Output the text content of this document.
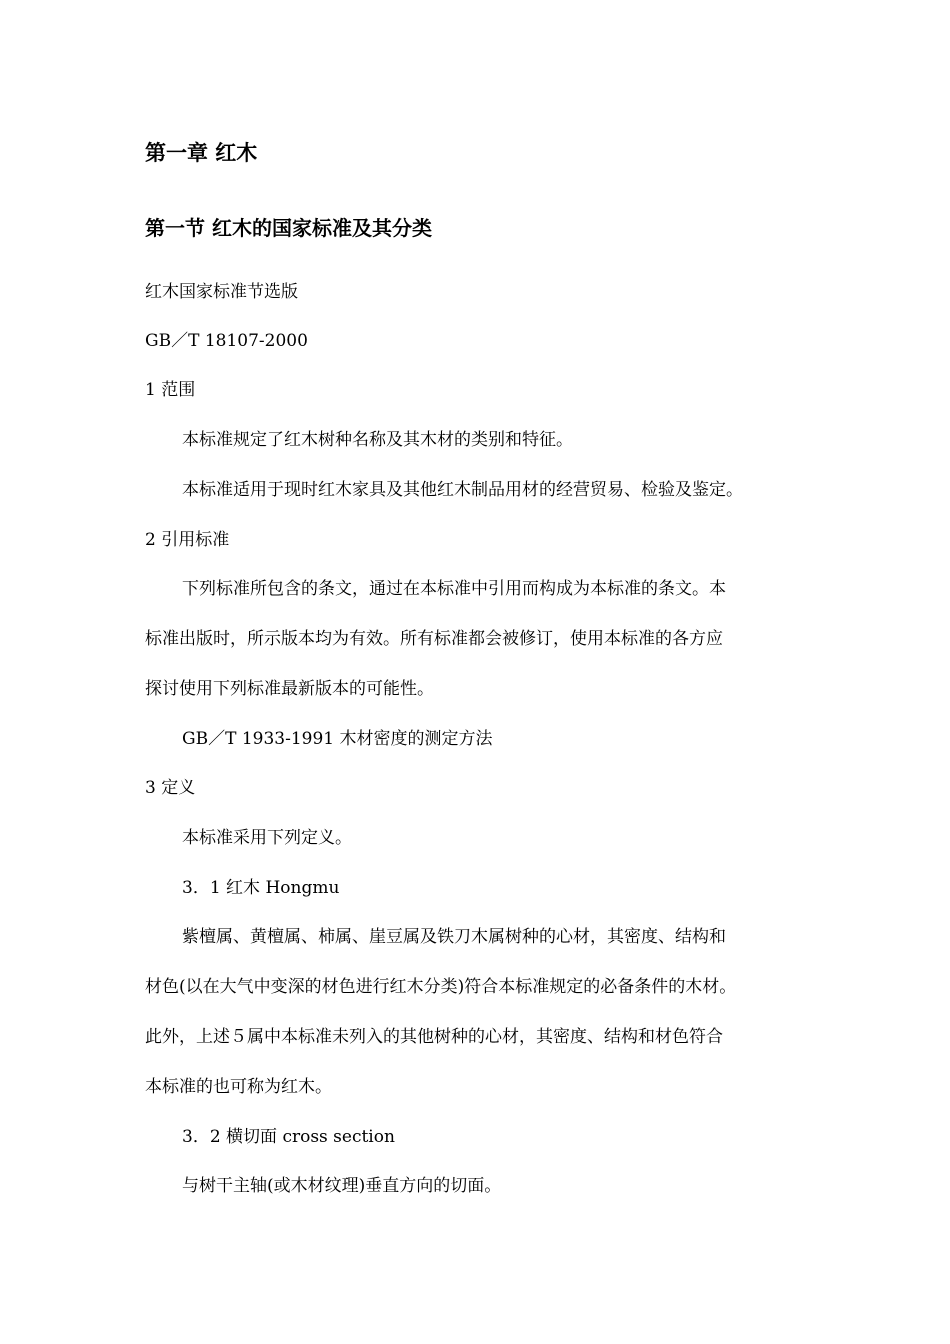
第一章 红木
第一节 红木的国家标准及其分类
红木国家标准节选版
GB／T 18107-2000
1 范围
本标准规定了红木树种名称及其木材的类别和特征。
本标准适用于现时红木家具及其他红木制品用材的经营贸易、检验及鉴定。
2 引用标准
下列标准所包含的条文，通过在本标准中引用而构成为本标准的条文。本
标准出版时，所示版本均为有效。所有标准都会被修订，使用本标准的各方应
探讨使用下列标准最新版本的可能性。
GB／T 1933-1991 木材密度的测定方法
3 定义
本标准采用下列定义。
3．1 红木 Hongmu
紫檀属、黄檀属、柿属、崖豆属及铁刀木属树种的心材，其密度、结构和
材色(以在大气中变深的材色进行红木分类)符合本标准规定的必备条件的木材。
此外，上述５属中本标准未列入的其他树种的心材，其密度、结构和材色符合
本标准的也可称为红木。
3．2 横切面 cross section
与树干主轴(或木材纹理)垂直方向的切面。
